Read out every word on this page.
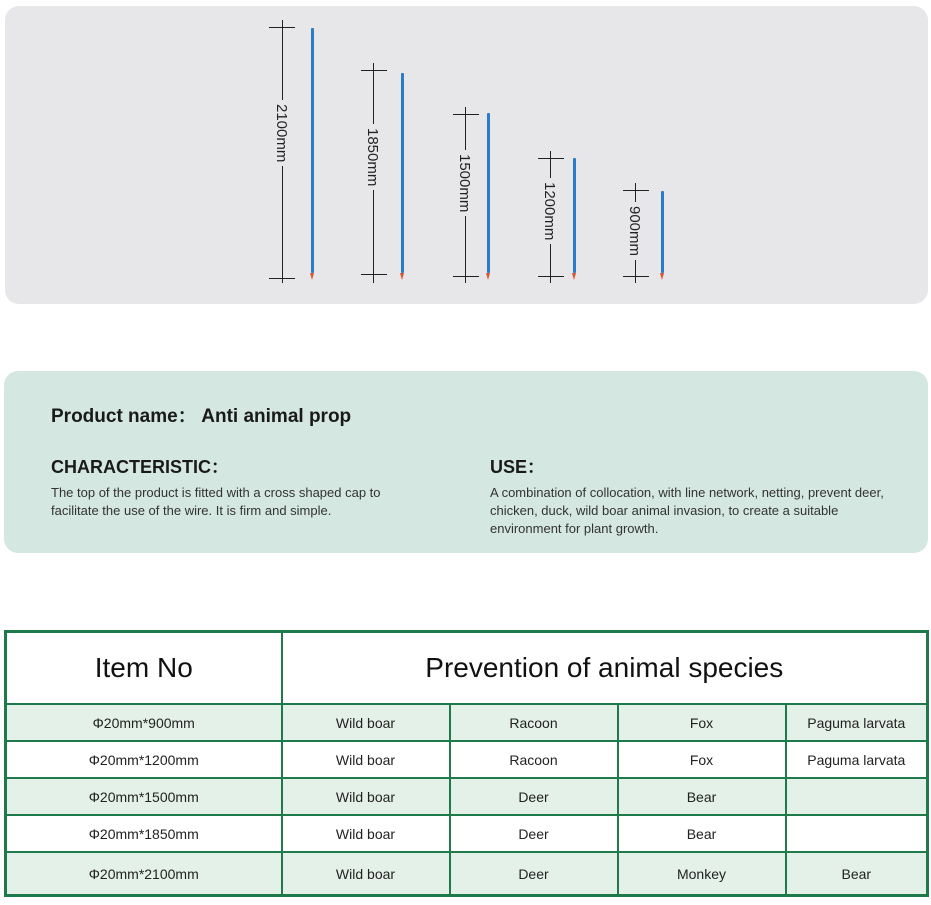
2100mm	1850mm	1500mm	1200mm	900mm
Product name： Anti animal prop
CHARACTERISTIC：
The top of the product is fitted with a cross shaped cap to facilitate the use of the wire. It is firm and simple.
USE：
A combination of collocation, with line network, netting, prevent deer, chicken, duck, wild boar animal invasion, to create a suitable environment for plant growth.
Item No	Prevention of animal species			
Φ20mm*900mm	Wild boar	Racoon	Fox	Paguma larvata
Φ20mm*1200mm	Wild boar	Racoon	Fox	Paguma larvata
Φ20mm*1500mm	Wild boar	Deer	Bear	
Φ20mm*1850mm	Wild boar	Deer	Bear	
Φ20mm*2100mm	Wild boar	Deer	Monkey	Bear
